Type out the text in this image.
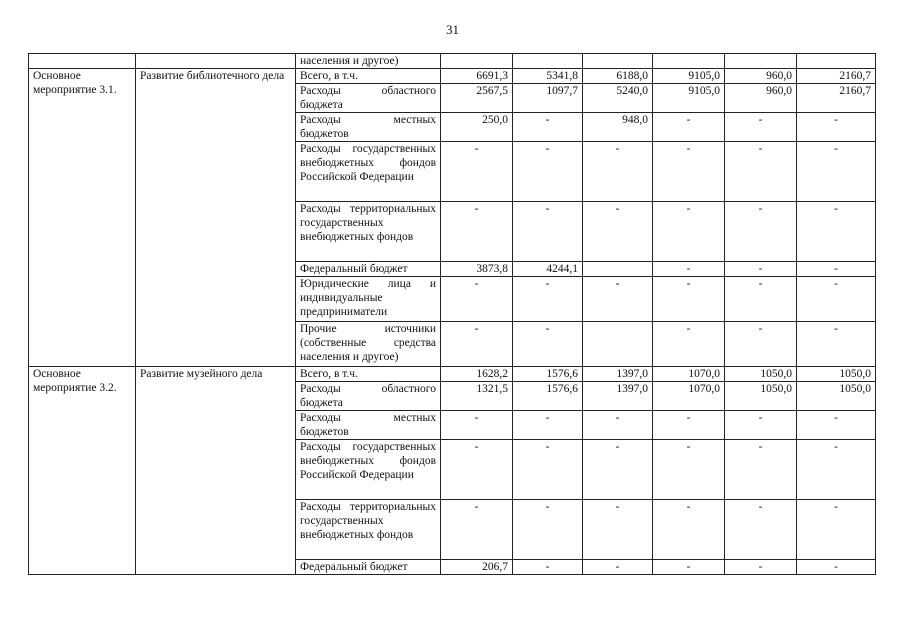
31
		населения и другое)						
Основное мероприятие 3.1.	Развитие библиотечного дела	Всего, в т.ч.	6691,3	5341,8	6188,0	9105,0	960,0	2160,7
		Расходы областного бюджета	2567,5	1097,7	5240,0	9105,0	960,0	2160,7
		Расходы местных бюджетов	250,0	-	948,0	-	-	-
		Расходы государственных внебюджетных фондов Российской Федерации	-	-	-	-	-	-
		Расходы территориальных государственных внебюджетных фондов	-	-	-	-	-	-
		Федеральный бюджет	3873,8	4244,1		-	-	-
		Юридические лица и индивидуальные предприниматели	-	-	-	-	-	-
		Прочие источники (собственные средства населения и другое)	-	-		-	-	-
Основное мероприятие 3.2.	Развитие музейного дела	Всего, в т.ч.	1628,2	1576,6	1397,0	1070,0	1050,0	1050,0
		Расходы областного бюджета	1321,5	1576,6	1397,0	1070,0	1050,0	1050,0
		Расходы местных бюджетов	-	-	-	-	-	-
		Расходы государственных внебюджетных фондов Российской Федерации	-	-	-	-	-	-
		Расходы территориальных государственных внебюджетных фондов	-	-	-	-	-	-
		Федеральный бюджет	206,7	-	-	-	-	-
